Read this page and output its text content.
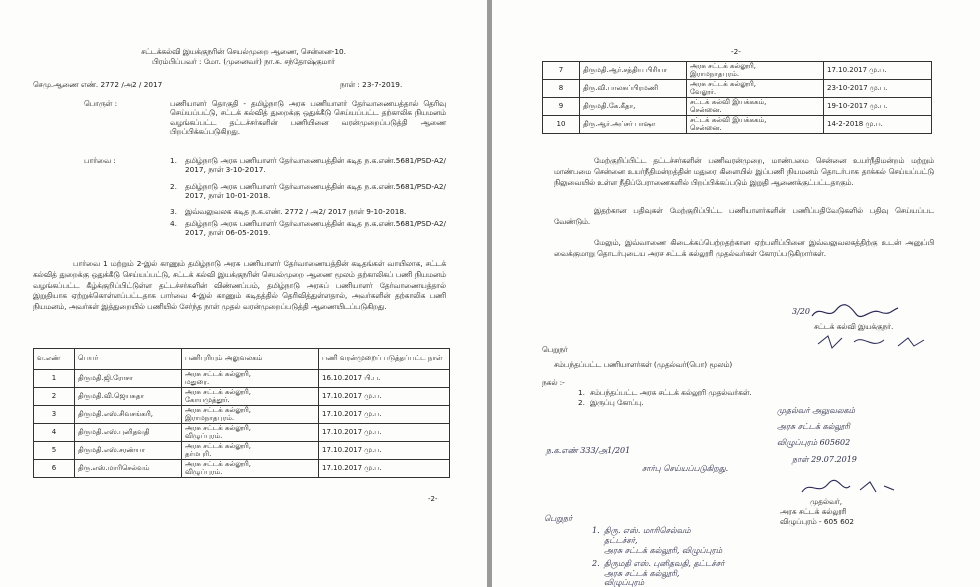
சட்டக்கல்வி இயக்குநரின் செயல்முறை ஆணை, சென்னை-10.
பிரம்பிப்பவர் : மோ. (முனைவர்) நா.சு. சந்தோஷ்குமார்
செமு.ஆணை எண். 2772 /அ2 / 2017	நாள் : 23-7-2019.
பொருள் :	பணியாளர் தொகுதி - தமிழ்நாடு அரசு பணியாளர் தேர்வாணையத்தால் தெரிவு செய்யப்பட்டு, சட்டக் கல்வித் துறைக்கு ஒதுக்கீடு செய்யப்பட்ட தற்காலிக நியமனம் வழங்கப்பட்ட தட்டச்சர்களின் பணியினை வரன்முறைப்படுத்தி ஆணை பிறப்பிக்கப்படுகிறது.
பார்வை :	1. தமிழ்நாடு அரசு பணியாளர் தேர்வாணையத்தின் கடித ந.க.எண்.5681/PSD-A2/ 2017, நாள் 3-10-2017.
2. தமிழ்நாடு அரசு பணியாளர் தேர்வாணையத்தின் கடித ந.க.எண்.5681/PSD-A2/ 2017, நாள் 10-01-2018.
3. இவ்வலுவலக கடித ந.க.எண். 2772 / அ2/ 2017 நாள் 9-10-2018.
4. தமிழ்நாடு அரசு பணியாளர் தேர்வாணையத்தின் கடித ந.க.எண்.5681/PSD-A2/ 2017, நாள் 06-05-2019.
பார்வை 1 மற்றும் 2-இல் காணும் தமிழ்நாடு அரசு பணியாளர் தேர்வாணையத்தின் கடிதங்கள் வாயிலாக, சட்டக் கல்வித் துறைக்கு ஒதுக்கீடு செய்யப்பட்டு, சட்டக் கல்வி இயக்குநரின் செயல்முறை ஆணை மூலம் தற்காலிகப் பணி நியமனம் வழங்கப்பட்ட கீழ்க்குறிப்பிட்டுள்ள தட்டச்சர்களின் விண்ணப்பம், தமிழ்நாடு அரசுப் பணியாளர் தேர்வாணையத்தால் இறுதியாக ஏற்றுக்கொள்ளப்பட்டதாக பார்வை 4-இல் காணும் கடிதத்தில் தெரிவித்துள்ளதால், அவர்களின் தற்காலிக பணி நியமனம், அவர்கள் இத்துறையில் பணியில் சேர்ந்த நாள் முதல் வரன்முறைப்படுத்தி ஆணையிடப்படுகிறது.
வ.எண்	பெயர்	பணிபுரியும் அலுவலகம்	பணி வரன்முறைப் படுத்தப்பட்ட நாள்
1	திருமதி.ஜி.ரோசா	அரசு சட்டக் கல்லூரி,
மதுரை.	16.10.2017 பி.ப.
2	திருமதி.வி.ஜெயசுதா	அரசு சட்டக் கல்லூரி,
கோயமுத்தூர்.	17.10.2017 மு.ப.
3	திருமதி.எஸ்.சிவசங்கரி,	அரசு சட்டக் கல்லூரி,
இராமநாதபுரம்.	17.10.2017 மு.ப.
4	திருமதி.எஸ்.புனிதவதி	அரசு சட்டக் கல்லூரி,
விழுப்புரம்.	17.10.2017 மு.ப.
5	திருமதி.எஸ்.சரண்யா	அரசு சட்டக் கல்லூரி,
தர்மபுரி.	17.10.2017 மு.ப.
6	திரு.எஸ்.மாரிசெல்வம்	அரசு சட்டக் கல்லூரி,
விழுப்புரம்.	17.10.2017 மு.ப.
-2-
-2-
7	திருமதி.ஆர்.சத்திய பிரியா	அரசு சட்டக் கல்லூரி,
இராமநாதபுரம்.	17.10.2017 மு.ப.
8	திரு.வி.பாலசுப்பிரமணி	அரசு சட்டக் கல்லூரி,
வேலூர்.	23-10-2017 மு.ப.
9	திருமதி.கே.கீதா,	சட்டக் கல்வி இயக்ககம்,
சென்னை.	19-10-2017 மு.ப.
10	திரு.ஆர்.அப்சர் பாஷா	சட்டக் கல்வி இயக்ககம்,
சென்னை.	14-2-2018 மு.ப.
மேற்குறிப்பிட்ட தட்டச்சர்களின் பணிவரன்முறை, மாண்பமை சென்னை உயர்நீதிமன்றம் மற்றும் மாண்பமை சென்னை உயர்நீதிமன்றத்தின் மதுரை கிளையில் இப்பணி நியமனம் தொடர்பாக தாக்கல் செய்யப்பட்டு நிலுவையில் உள்ள நீதிப்பேராணைகளில் பிறப்பிக்கப்படும் இறுதி ஆணைக்குட்பட்டதாகும்.
இதற்கான பதிவுகள் மேற்குறிப்பிட்ட பணியாளர்களின் பணிப்பதிவேடுகளில் பதிவு செய்யப்பட வேண்டும்.
மேலும், இவ்வாணை கிடைக்கப்பெற்றதற்கான ஏற்பளிப்பினை இவ்வலுவலகத்திற்கு உடன் அனுப்பி வைக்குமாறு தொடர்புடைய அரச சட்டக் கல்லூரி முதல்வர்கள் கோரப்படுகிறார்கள்.
3/20
சட்டக் கல்வி இயக்குநர்.
பெறுநர்
சம்பந்தப்பட்ட பணியாளர்கள் (முதல்வர்(பொ) மூலம்)
நகல் :-
1. சம்பந்தப்பட்ட அரசு சட்டக் கல்லூரி முதல்வர்கள்.
2. இருப்பு கோப்பு.
முதல்வர் அலுவலகம்
அரசு சட்டக் கல்லூரி
விழுப்புரம் 605602
நாள் 29.07.2019
ந.க.எண் 333/அ1/201
சார்பு செய்யப்படுகிறது.
முதல்வர்,
அரசு சட்டக் கல்லூரி
விழுப்புரம் - 605 602
பெறுநர்
1. திரு. எஸ். மாரிசெல்வம்
தட்டச்சர்,
அரசு சட்டக் கல்லூரி, விழுப்புரம்
2. திருமதி எஸ். புனிதவதி, தட்டச்சர்
அரசு சட்டக் கல்லூரி,
விழுப்புரம்
